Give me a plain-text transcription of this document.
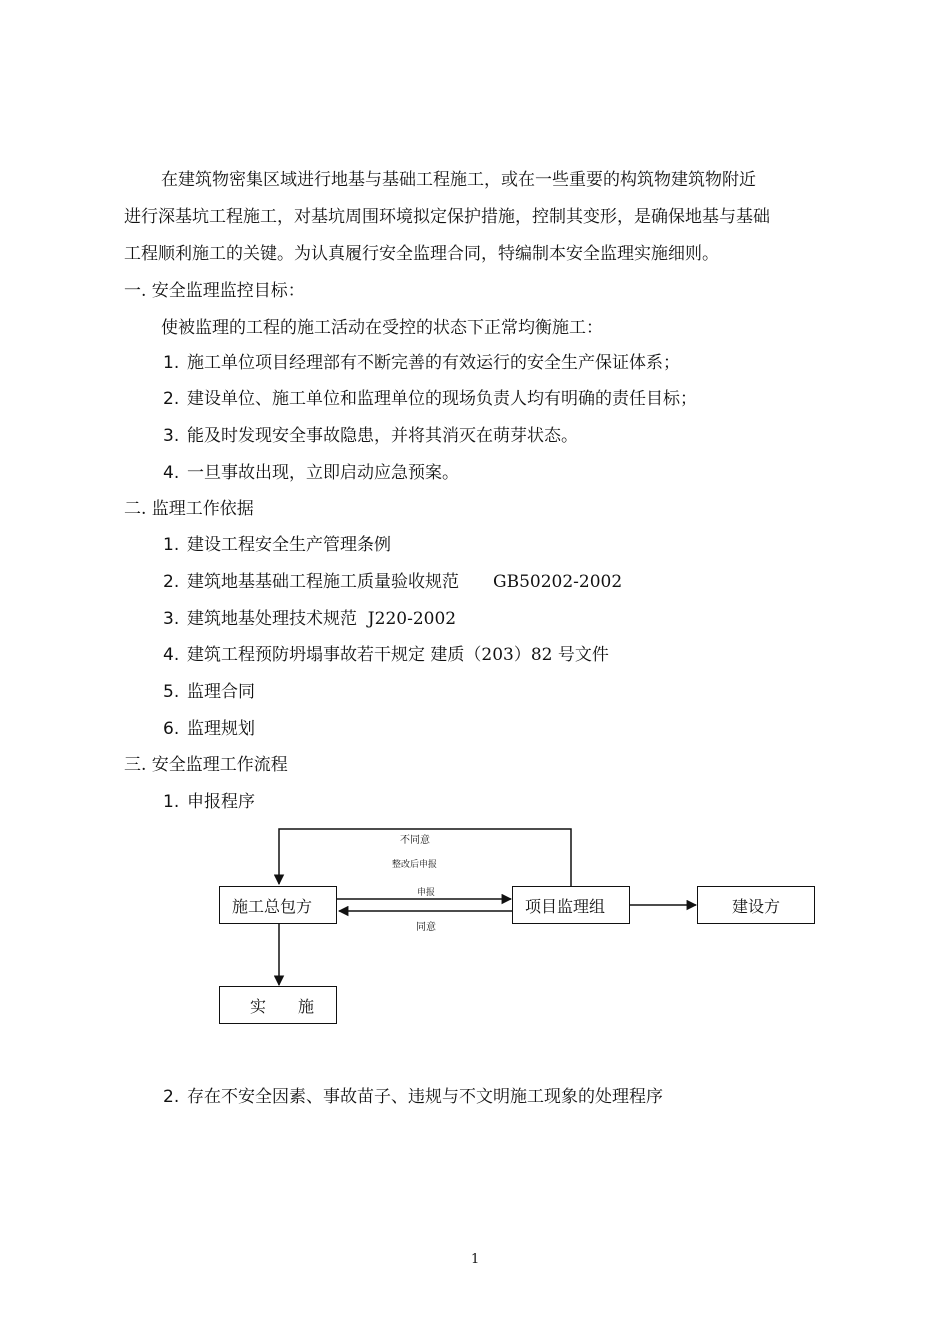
在建筑物密集区域进行地基与基础工程施工，或在一些重要的构筑物建筑物附近
进行深基坑工程施工，对基坑周围环境拟定保护措施，控制其变形，是确保地基与基础
工程顺利施工的关键。为认真履行安全监理合同，特编制本安全监理实施细则。
一. 安全监理监控目标：
使被监理的工程的施工活动在受控的状态下正常均衡施工：
1. 施工单位项目经理部有不断完善的有效运行的安全生产保证体系；
2. 建设单位、施工单位和监理单位的现场负责人均有明确的责任目标；
3. 能及时发现安全事故隐患，并将其消灭在萌芽状态。
4. 一旦事故出现，立即启动应急预案。
二. 监理工作依据
1. 建设工程安全生产管理条例
2. 建筑地基基础工程施工质量验收规范　　GB50202-2002
3. 建筑地基处理技术规范  J220-2002
4. 建筑工程预防坍塌事故若干规定 建质（203）82 号文件
5. 监理合同
6. 监理规划
三. 安全监理工作流程
1. 申报程序
施工总包方	项目监理组	建设方
实　　施
不同意
整改后申报
申报
同意
2. 存在不安全因素、事故苗子、违规与不文明施工现象的处理程序
1
